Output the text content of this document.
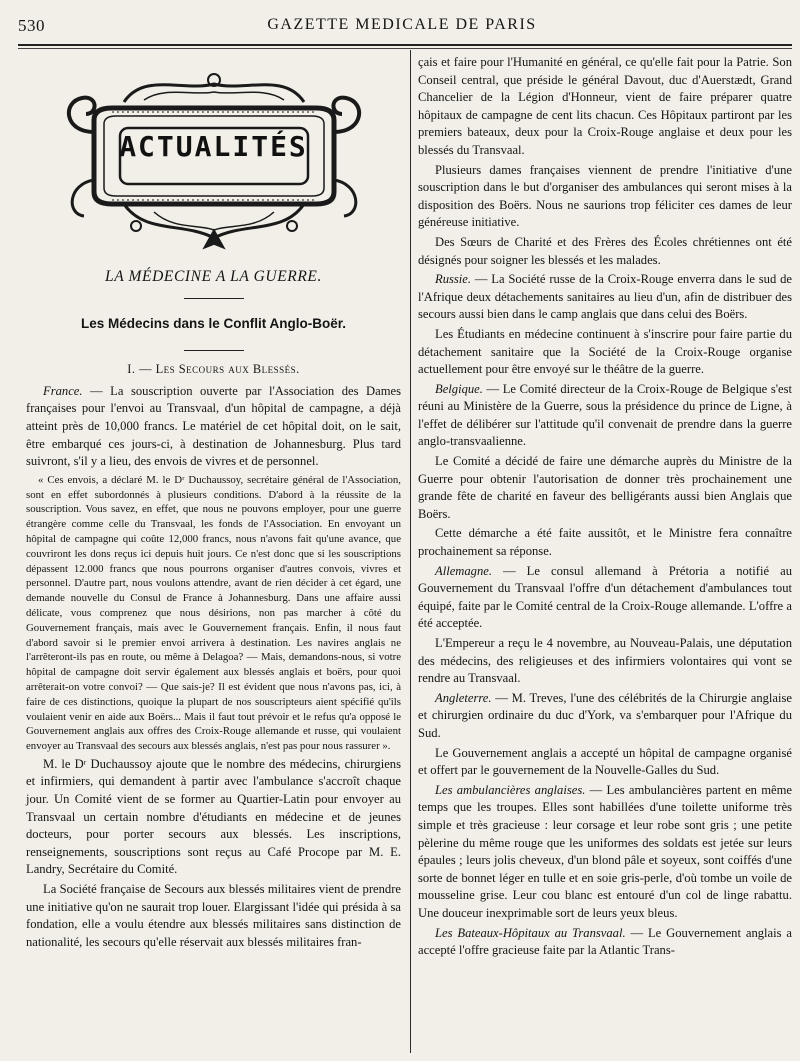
530	GAZETTE MEDICALE DE PARIS
ACTUALITÉS
LA MÉDECINE A LA GUERRE.
Les Médecins dans le Conflit Anglo-Boër.
I. — Les Secours aux Blessés.

France. — La souscription ouverte par l'Association des Dames françaises pour l'envoi au Transvaal, d'un hôpital de campagne, a déjà atteint près de 10,000 francs. Le matériel de cet hôpital doit, on le sait, être embarqué ces jours-ci, à destination de Johannesburg. Plus tard suivront, s'il y a lieu, des envois de vivres et de personnel.

« Ces envois, a déclaré M. le Dʳ Duchaussoy, secrétaire général de l'Association, sont en effet subordonnés à plusieurs conditions. D'abord à la réussite de la souscription. Vous savez, en effet, que nous ne pouvons employer, pour une guerre étrangère comme celle du Transvaal, les fonds de l'Association. En envoyant un hôpital de campagne qui coûte 12,000 francs, nous n'avons fait qu'une avance, que couvriront les dons reçus ici depuis huit jours. Ce n'est donc que si les souscriptions dépassent 12.000 francs que nous pourrons organiser d'autres convois, vivres et personnel. D'autre part, nous voulons attendre, avant de rien décider à cet égard, une demande nouvelle du Consul de France à Johannesburg. Dans une affaire aussi délicate, vous comprenez que nous désirions, non pas marcher à côté du Gouvernement français, mais avec le Gouvernement français. Enfin, il nous faut d'abord savoir si le premier envoi arrivera à destination. Les navires anglais ne l'arrêteront-ils pas en route, ou même à Delagoa? — Mais, demandons-nous, si votre hôpital de campagne doit servir également aux blessés anglais et boërs, pour quoi arrêterait-on votre convoi? — Que sais-je? Il est évident que nous n'avons pas, ici, à faire de ces distinctions, quoique la plupart de nos souscripteurs aient spécifié qu'ils voulaient venir en aide aux Boërs... Mais il faut tout prévoir et le refus qu'a opposé le Gouvernement anglais aux offres des Croix-Rouge allemande et russe, qui voulaient envoyer au Transvaal des secours aux blessés anglais, n'est pas pour nous rassurer ».

M. le Dʳ Duchaussoy ajoute que le nombre des médecins, chirurgiens et infirmiers, qui demandent à partir avec l'ambulance s'accroît chaque jour. Un Comité vient de se former au Quartier-Latin pour envoyer au Transvaal un certain nombre d'étudiants en médecine et de jeunes docteurs, pour porter secours aux blessés. Les inscriptions, renseignements, souscriptions sont reçus au Café Procope par M. E. Landry, Secrétaire du Comité.

La Société française de Secours aux blessés militaires vient de prendre une initiative qu'on ne saurait trop louer. Elargissant l'idée qui présida à sa fondation, elle a voulu étendre aux blessés militaires sans distinction de nationalité, les secours qu'elle réservait aux blessés militaires fran-

çais et faire pour l'Humanité en général, ce qu'elle fait pour la Patrie. Son Conseil central, que préside le général Davout, duc d'Auerstædt, Grand Chancelier de la Légion d'Honneur, vient de faire préparer quatre hôpitaux de campagne de cent lits chacun. Ces Hôpitaux partiront par les premiers bateaux, deux pour la Croix-Rouge anglaise et deux pour les blessés du Transvaal.

Plusieurs dames françaises viennent de prendre l'initiative d'une souscription dans le but d'organiser des ambulances qui seront mises à la disposition des Boërs. Nous ne saurions trop féliciter ces dames de leur généreuse initiative.

Des Sœurs de Charité et des Frères des Écoles chrétiennes ont été désignés pour soigner les blessés et les malades.

Russie. — La Société russe de la Croix-Rouge enverra dans le sud de l'Afrique deux détachements sanitaires au lieu d'un, afin de distribuer des secours aussi bien dans le camp anglais que dans celui des Boërs.

Les Étudiants en médecine continuent à s'inscrire pour faire partie du détachement sanitaire que la Société de la Croix-Rouge organise actuellement pour être envoyé sur le théâtre de la guerre.

Belgique. — Le Comité directeur de la Croix-Rouge de Belgique s'est réuni au Ministère de la Guerre, sous la présidence du prince de Ligne, à l'effet de délibérer sur l'attitude qu'il convenait de prendre dans la guerre anglo-transvaalienne.

Le Comité a décidé de faire une démarche auprès du Ministre de la Guerre pour obtenir l'autorisation de donner très prochainement une grande fête de charité en faveur des belligérants aussi bien Anglais que Boërs.

Cette démarche a été faite aussitôt, et le Ministre fera connaître prochainement sa réponse.

Allemagne. — Le consul allemand à Prétoria a notifié au Gouvernement du Transvaal l'offre d'un détachement d'ambulances tout équipé, faite par le Comité central de la Croix-Rouge allemande. L'offre a été acceptée.

L'Empereur a reçu le 4 novembre, au Nouveau-Palais, une députation des médecins, des religieuses et des infirmiers volontaires qui vont se rendre au Transvaal.

Angleterre. — M. Treves, l'une des célébrités de la Chirurgie anglaise et chirurgien ordinaire du duc d'York, va s'embarquer pour l'Afrique du Sud.

Le Gouvernement anglais a accepté un hôpital de campagne organisé et offert par le gouvernement de la Nouvelle-Galles du Sud.

Les ambulancières anglaises. — Les ambulancières partent en même temps que les troupes. Elles sont habillées d'une toilette uniforme très simple et très gracieuse : leur corsage et leur robe sont gris ; une petite pèlerine du même rouge que les uniformes des soldats est jetée sur leurs épaules ; leurs jolis cheveux, d'un blond pâle et soyeux, sont coiffés d'une sorte de bonnet léger en tulle et en soie gris-perle, d'où tombe un voile de mousseline grise. Leur cou blanc est entouré d'un col de linge rabattu. Une douceur inexprimable sort de leurs yeux bleus.

Les Bateaux-Hôpitaux au Transvaal. — Le Gouvernement anglais a accepté l'offre gracieuse faite par la Atlantic Trans-
